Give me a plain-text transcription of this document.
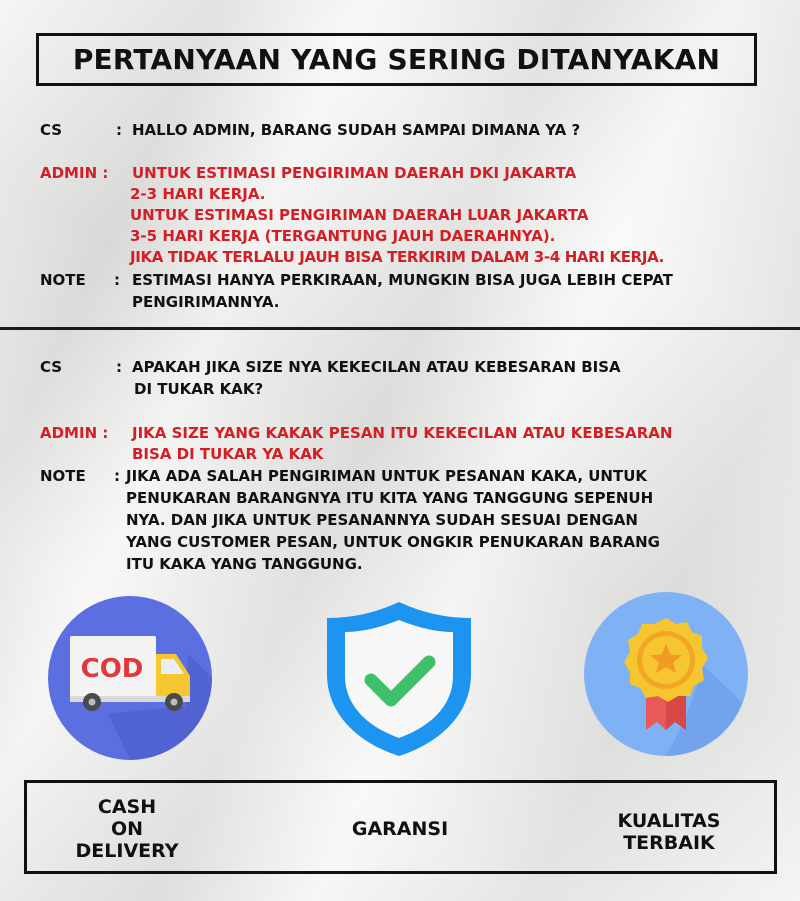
PERTANYAAN YANG SERING DITANYAKAN
CS	: HALLO ADMIN, BARANG SUDAH SAMPAI DIMANA YA ?
ADMIN : UNTUK ESTIMASI PENGIRIMAN DAERAH DKI JAKARTA
2-3 HARI KERJA.
UNTUK ESTIMASI PENGIRIMAN DAERAH LUAR JAKARTA
3-5 HARI KERJA (TERGANTUNG JAUH DAERAHNYA).
JIKA TIDAK TERLALU JAUH BISA TERKIRIM DALAM 3-4 HARI KERJA.
NOTE : ESTIMASI HANYA PERKIRAAN, MUNGKIN BISA JUGA LEBIH CEPAT
PENGIRIMANNYA.
CS	: APAKAH JIKA SIZE NYA KEKECILAN ATAU KEBESARAN BISA
DI TUKAR KAK?
ADMIN : JIKA SIZE YANG KAKAK PESAN ITU KEKECILAN ATAU KEBESARAN
BISA DI TUKAR YA KAK
NOTE : JIKA ADA SALAH PENGIRIMAN UNTUK PESANAN KAKA, UNTUK
PENUKARAN BARANGNYA ITU KITA YANG TANGGUNG SEPENUH
NYA. DAN JIKA UNTUK PESANANNYA SUDAH SESUAI DENGAN
YANG CUSTOMER PESAN, UNTUK ONGKIR PENUKARAN BARANG
ITU KAKA YANG TANGGUNG.
COD
CASH
ON
DELIVERY
GARANSI	KUALITAS
TERBAIK
